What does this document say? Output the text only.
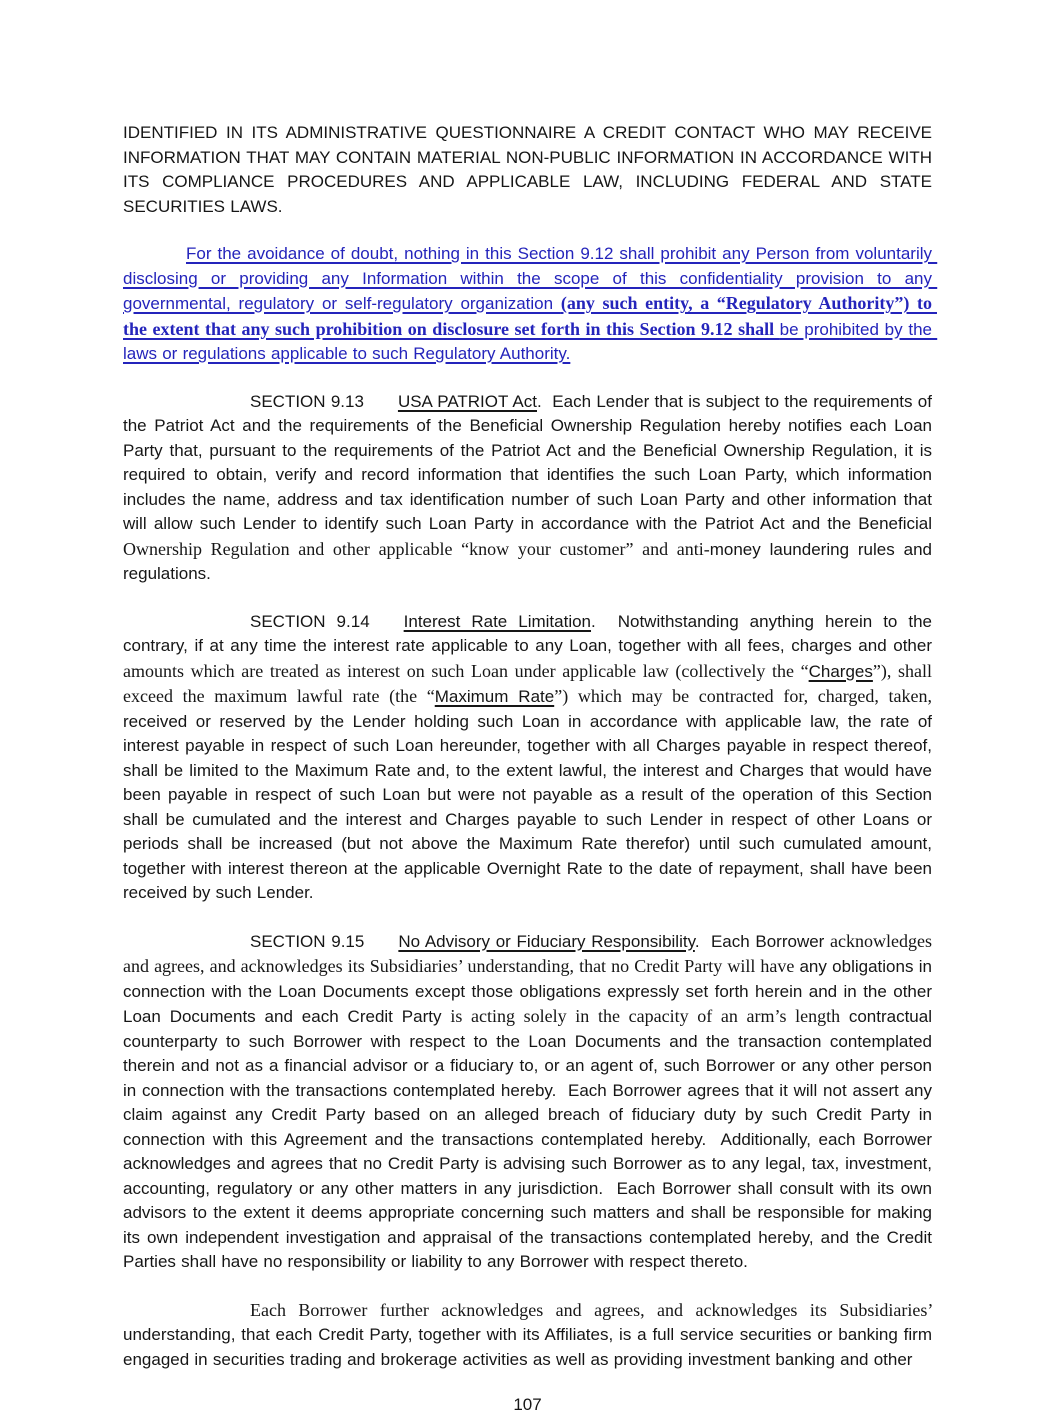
IDENTIFIED IN ITS ADMINISTRATIVE QUESTIONNAIRE A CREDIT CONTACT WHO MAY RECEIVE INFORMATION THAT MAY CONTAIN MATERIAL NON-PUBLIC INFORMATION IN ACCORDANCE WITH ITS COMPLIANCE PROCEDURES AND APPLICABLE LAW, INCLUDING FEDERAL AND STATE SECURITIES LAWS.

For the avoidance of doubt, nothing in this Section 9.12 shall prohibit any Person from voluntarily disclosing or providing any Information within the scope of this confidentiality provision to any governmental, regulatory or self-regulatory organization (any such entity, a “Regulatory Authority”) to the extent that any such prohibition on disclosure set forth in this Section 9.12 shall be prohibited by the laws or regulations applicable to such Regulatory Authority.

SECTION 9.13 USA PATRIOT Act.  Each Lender that is subject to the requirements of the Patriot Act and the requirements of the Beneficial Ownership Regulation hereby notifies each Loan Party that, pursuant to the requirements of the Patriot Act and the Beneficial Ownership Regulation, it is required to obtain, verify and record information that identifies the such Loan Party, which information includes the name, address and tax identification number of such Loan Party and other information that will allow such Lender to identify such Loan Party in accordance with the Patriot Act and the Beneficial Ownership Regulation and other applicable “know your customer” and anti-money laundering rules and regulations.

SECTION 9.14 Interest Rate Limitation.  Notwithstanding anything herein to the contrary, if at any time the interest rate applicable to any Loan, together with all fees, charges and other amounts which are treated as interest on such Loan under applicable law (collectively the “Charges”), shall exceed the maximum lawful rate (the “Maximum Rate”) which may be contracted for, charged, taken, received or reserved by the Lender holding such Loan in accordance with applicable law, the rate of interest payable in respect of such Loan hereunder, together with all Charges payable in respect thereof, shall be limited to the Maximum Rate and, to the extent lawful, the interest and Charges that would have been payable in respect of such Loan but were not payable as a result of the operation of this Section shall be cumulated and the interest and Charges payable to such Lender in respect of other Loans or periods shall be increased (but not above the Maximum Rate therefor) until such cumulated amount, together with interest thereon at the applicable Overnight Rate to the date of repayment, shall have been received by such Lender.

SECTION 9.15 No Advisory or Fiduciary Responsibility.  Each Borrower acknowledges and agrees, and acknowledges its Subsidiaries’ understanding, that no Credit Party will have any obligations in connection with the Loan Documents except those obligations expressly set forth herein and in the other Loan Documents and each Credit Party is acting solely in the capacity of an arm’s length contractual counterparty to such Borrower with respect to the Loan Documents and the transaction contemplated therein and not as a financial advisor or a fiduciary to, or an agent of, such Borrower or any other person in connection with the transactions contemplated hereby.  Each Borrower agrees that it will not assert any claim against any Credit Party based on an alleged breach of fiduciary duty by such Credit Party in connection with this Agreement and the transactions contemplated hereby.  Additionally, each Borrower acknowledges and agrees that no Credit Party is advising such Borrower as to any legal, tax, investment, accounting, regulatory or any other matters in any jurisdiction.  Each Borrower shall consult with its own advisors to the extent it deems appropriate concerning such matters and shall be responsible for making its own independent investigation and appraisal of the transactions contemplated hereby, and the Credit Parties shall have no responsibility or liability to any Borrower with respect thereto.

Each Borrower further acknowledges and agrees, and acknowledges its Subsidiaries’ understanding, that each Credit Party, together with its Affiliates, is a full service securities or banking firm engaged in securities trading and brokerage activities as well as providing investment banking and other

107
